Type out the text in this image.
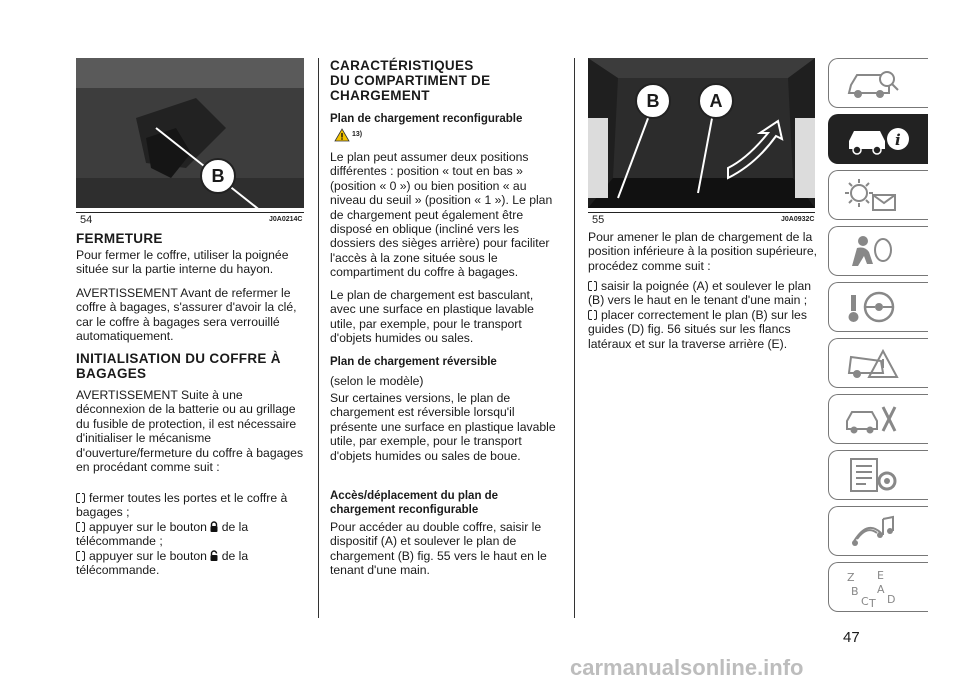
B
54	J0A0214C
FERMETURE
Pour fermer le coffre, utiliser la poignée située sur la partie interne du hayon.
AVERTISSEMENT Avant de refermer le coffre à bagages, s'assurer d'avoir la clé, car le coffre à bagages sera verrouillé automatiquement.
INITIALISATION DU COFFRE À
BAGAGES
AVERTISSEMENT Suite à une déconnexion de la batterie ou au grillage du fusible de protection, il est nécessaire d'initialiser le mécanisme d'ouverture/fermeture du coffre à bagages en procédant comme suit :
fermer toutes les portes et le coffre à bagages ;
appuyer sur le bouton de la télécommande ;
appuyer sur le bouton de la télécommande.
CARACTÉRISTIQUES
DU COMPARTIMENT DE
CHARGEMENT
Plan de chargement reconfigurable
13)
Le plan peut assumer deux positions différentes : position « tout en bas » (position « 0 ») ou bien position « au niveau du seuil » (position « 1 »). Le plan de chargement peut également être disposé en oblique (incliné vers les dossiers des sièges arrière) pour faciliter l'accès à la zone située sous le compartiment du coffre à bagages.
Le plan de chargement est basculant, avec une surface en plastique lavable utile, par exemple, pour le transport d'objets humides ou sales.
Plan de chargement réversible
(selon le modèle)
Sur certaines versions, le plan de chargement est réversible lorsqu'il présente une surface en plastique lavable utile, par exemple, pour le transport d'objets humides ou sales de boue.
Accès/déplacement du plan de chargement reconfigurable
Pour accéder au double coffre, saisir le dispositif (A) et soulever le plan de chargement (B) fig. 55 vers le haut en le tenant d'une main.
B	A
55	J0A0932C
Pour amener le plan de chargement de la position inférieure à la position supérieure, procédez comme suit :
saisir la poignée (A) et soulever le plan (B) vers le haut en le tenant d'une main ;
placer correctement le plan (B) sur les guides (D) fig. 56 situés sur les flancs latéraux et sur la traverse arrière (E).
i
Z E
B A
C T D
47
carmanualsonline.info
